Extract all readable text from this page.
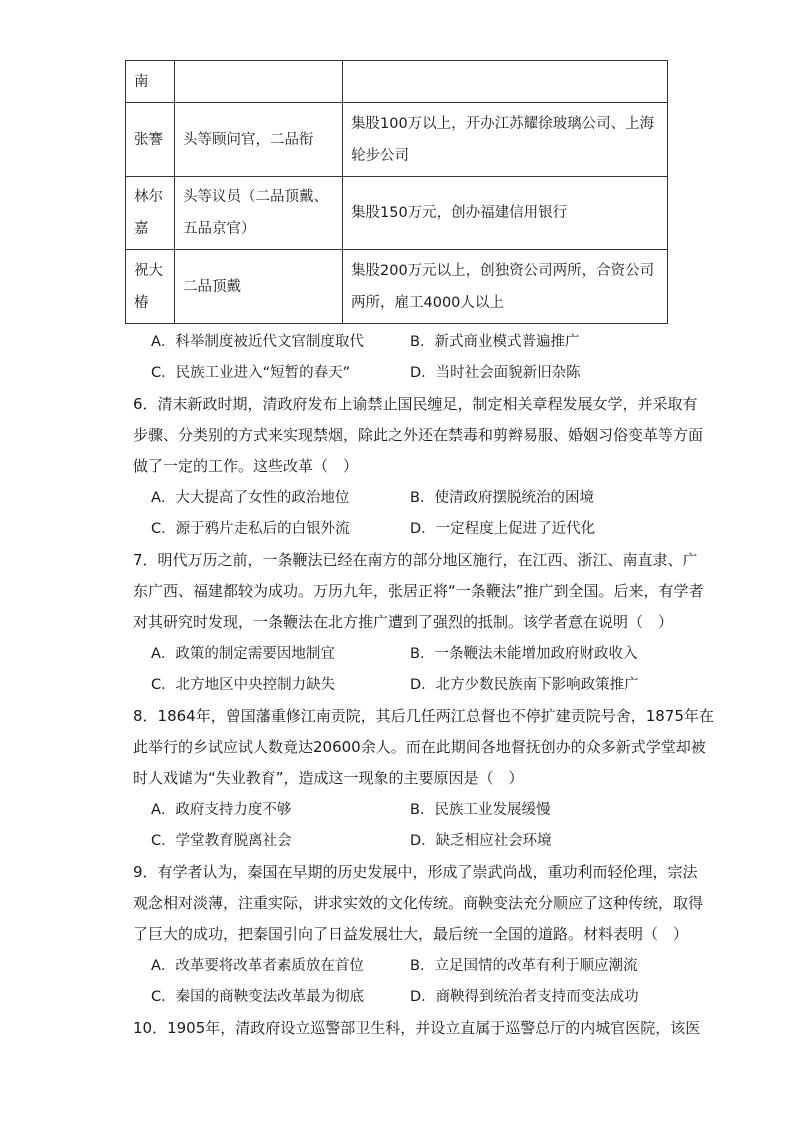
南		
张謇	头等顾问官，二品衔	集股100万以上，开办江苏耀徐玻璃公司、上海轮步公司
林尔嘉	头等议员（二品顶戴、五品京官）	集股150万元，创办福建信用银行
祝大椿	二品顶戴	集股200万元以上，创独资公司两所，合资公司两所，雇工4000人以上
A．科举制度被近代文官制度取代	B．新式商业模式普遍推广
C．民族工业进入“短暂的春天”	D．当时社会面貌新旧杂陈
6．清末新政时期，清政府发布上谕禁止国民缠足，制定相关章程发展女学，并采取有
步骤、分类别的方式来实现禁烟，除此之外还在禁毒和剪辫易服、婚姻习俗变革等方面
做了一定的工作。这些改革（　）
A．大大提高了女性的政治地位	B．使清政府摆脱统治的困境
C．源于鸦片走私后的白银外流	D．一定程度上促进了近代化
7．明代万历之前，一条鞭法已经在南方的部分地区施行，在江西、浙江、南直隶、广
东广西、福建都较为成功。万历九年，张居正将“一条鞭法”推广到全国。后来，有学者
对其研究时发现，一条鞭法在北方推广遭到了强烈的抵制。该学者意在说明（　）
A．政策的制定需要因地制宜	B．一条鞭法未能增加政府财政收入
C．北方地区中央控制力缺失	D．北方少数民族南下影响政策推广
8．1864年，曾国藩重修江南贡院，其后几任两江总督也不停扩建贡院号舍，1875年在
此举行的乡试应试人数竟达20600余人。而在此期间各地督抚创办的众多新式学堂却被
时人戏谑为“失业教育”，造成这一现象的主要原因是（　）
A．政府支持力度不够	B．民族工业发展缓慢
C．学堂教育脱离社会	D．缺乏相应社会环境
9．有学者认为，秦国在早期的历史发展中，形成了崇武尚战，重功利而轻伦理，宗法
观念相对淡薄，注重实际，讲求实效的文化传统。商鞅变法充分顺应了这种传统，取得
了巨大的成功，把秦国引向了日益发展壮大，最后统一全国的道路。材料表明（　）
A．改革要将改革者素质放在首位	B．立足国情的改革有利于顺应潮流
C．秦国的商鞅变法改革最为彻底	D．商鞅得到统治者支持而变法成功
10．1905年，清政府设立巡警部卫生科，并设立直属于巡警总厅的内城官医院，该医
